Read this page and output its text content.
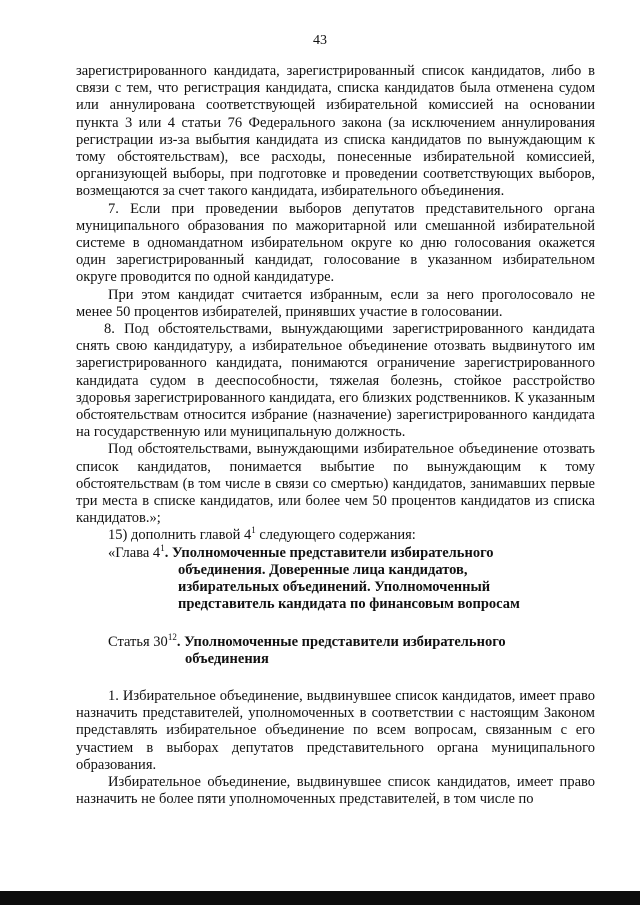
43

зарегистрированного кандидата, зарегистрированный список кандидатов, либо в связи с тем, что регистрация кандидата, списка кандидатов была отменена судом или аннулирована соответствующей избирательной комиссией на основании пункта 3 или 4 статьи 76 Федерального закона (за исключением аннулирования регистрации из-за выбытия кандидата из списка кандидатов по вынуждающим к тому обстоятельствам), все расходы, понесенные избирательной комиссией, организующей выборы, при подготовке и проведении соответствующих выборов, возмещаются за счет такого кандидата, избирательного объединения.

7. Если при проведении выборов депутатов представительного органа муниципального образования по мажоритарной или смешанной избирательной системе в одномандатном избирательном округе ко дню голосования окажется один зарегистрированный кандидат, голосование в указанном избирательном округе проводится по одной кандидатуре.

При этом кандидат считается избранным, если за него проголосовало не менее 50 процентов избирателей, принявших участие в голосовании.

8. Под обстоятельствами, вынуждающими зарегистрированного кандидата снять свою кандидатуру, а избирательное объединение отозвать выдвинутого им зарегистрированного кандидата, понимаются ограничение зарегистрированного кандидата судом в дееспособности, тяжелая болезнь, стойкое расстройство здоровья зарегистрированного кандидата, его близких родственников. К указанным обстоятельствам относится избрание (назначение) зарегистрированного кандидата на государственную или муниципальную должность.

Под обстоятельствами, вынуждающими избирательное объединение отозвать список кандидатов, понимается выбытие по вынуждающим к тому обстоятельствам (в том числе в связи со смертью) кандидатов, занимавших первые три места в списке кандидатов, или более чем 50 процентов кандидатов из списка кандидатов.»;

15) дополнить главой $4^1$ следующего содержания:

«Глава $4^1$. Уполномоченные представители избирательного

объединения. Доверенные лица кандидатов,

избирательных объединений. Уполномоченный

представитель кандидата по финансовым вопросам

Статья $30^{12}$. Уполномоченные представители избирательного

объединения

1. Избирательное объединение, выдвинувшее список кандидатов, имеет право назначить представителей, уполномоченных в соответствии с настоящим Законом представлять избирательное объединение по всем вопросам, связанным с его участием в выборах депутатов представительного органа муниципального образования.

Избирательное объединение, выдвинувшее список кандидатов, имеет право назначить не более пяти уполномоченных представителей, в том числе по
